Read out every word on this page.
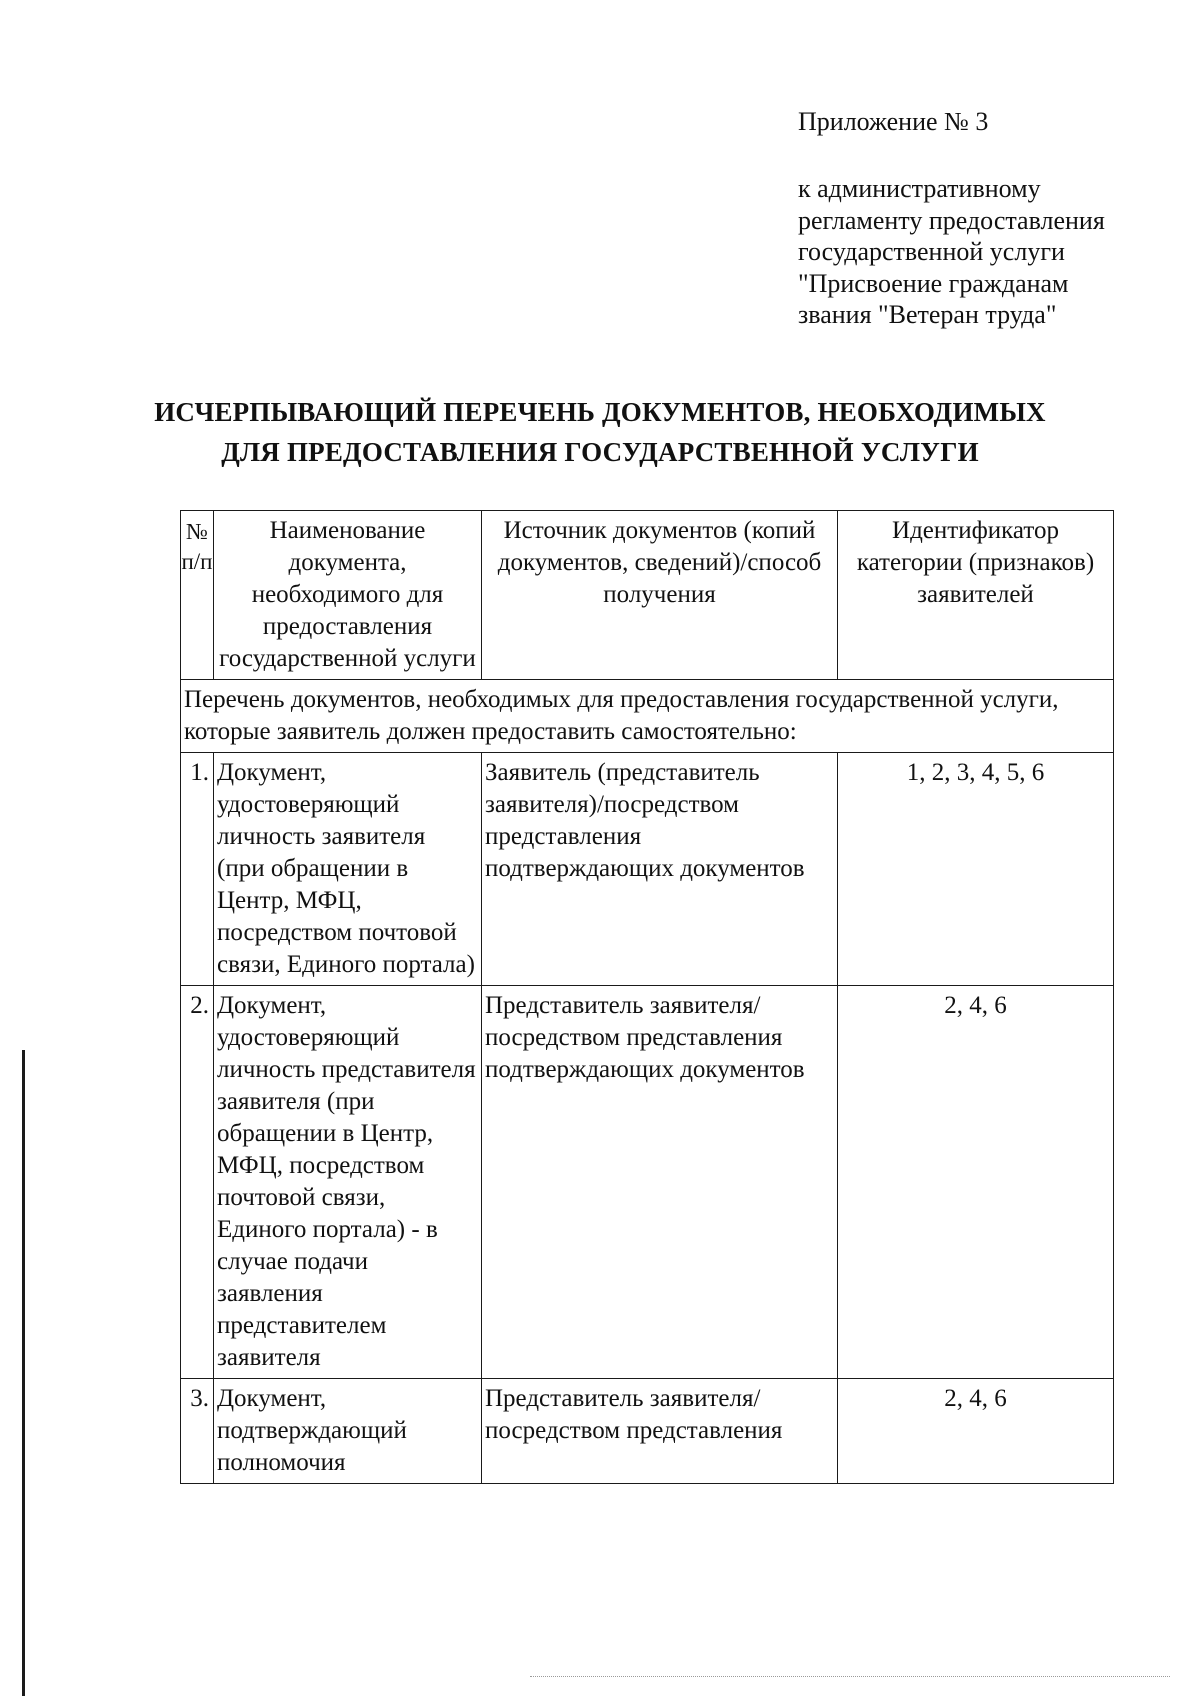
Приложение № 3
к административному
регламенту предоставления
государственной услуги
"Присвоение гражданам
звания "Ветеран труда"
ИСЧЕРПЫВАЮЩИЙ ПЕРЕЧЕНЬ ДОКУМЕНТОВ, НЕОБХОДИМЫХ
ДЛЯ ПРЕДОСТАВЛЕНИЯ ГОСУДАРСТВЕННОЙ УСЛУГИ
№ п/п	Наименование документа, необходимого для предоставления государственной услуги	Источник документов (копий документов, сведений)/способ получения	Идентификатор категории (признаков) заявителей
Перечень документов, необходимых для предоставления государственной услуги, которые заявитель должен предоставить самостоятельно:			
1.	Документ, удостоверяющий личность заявителя (при обращении в Центр, МФЦ, посредством почтовой связи, Единого портала)	Заявитель (представитель заявителя)/посредством представления подтверждающих документов	1, 2, 3, 4, 5, 6
2.	Документ, удостоверяющий личность представителя заявителя (при обращении в Центр, МФЦ, посредством почтовой связи, Единого портала) - в случае подачи заявления представителем заявителя	Представитель заявителя/посредством представления подтверждающих документов	2, 4, 6
3.	Документ, подтверждающий полномочия	Представитель заявителя/посредством представления	2, 4, 6
